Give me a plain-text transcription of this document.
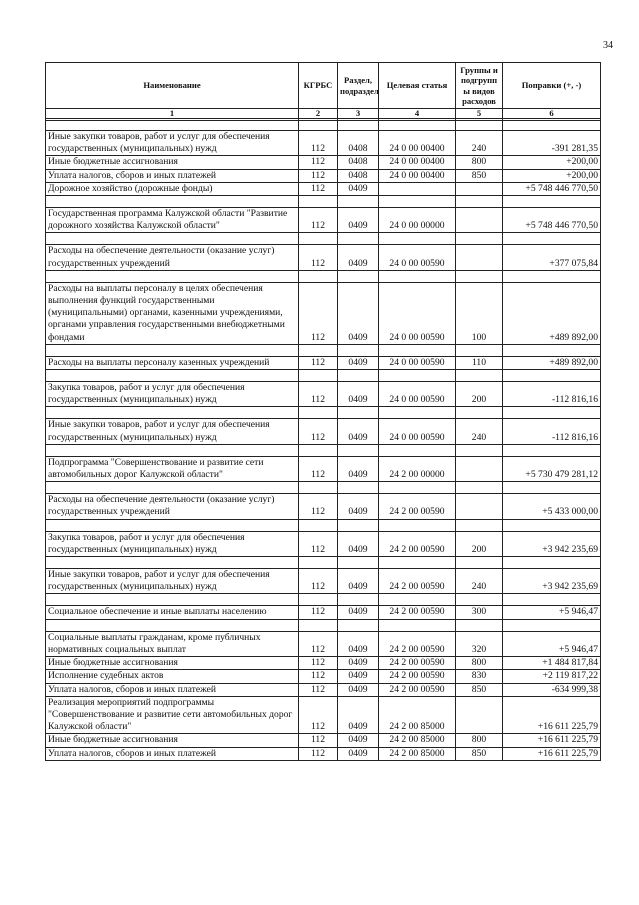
34
Наименование	КГРБС	Раздел, подраздел	Целевая статья	Группы и подгрупп ы видов расходов	Поправки (+, -)
1	2	3	4	5	6

Иные закупки товаров, работ и услуг для обеспечения государственных (муниципальных) нужд	112	0408	24 0 00 00400	240	-391 281,35
Иные бюджетные ассигнования	112	0408	24 0 00 00400	800	+200,00
Уплата налогов, сборов и иных платежей	112	0408	24 0 00 00400	850	+200,00
Дорожное хозяйство (дорожные фонды)	112	0409			+5 748 446 770,50

Государственная программа Калужской области "Развитие дорожного хозяйства Калужской области"	112	0409	24 0 00 00000		+5 748 446 770,50

Расходы на обеспечение деятельности (оказание услуг) государственных учреждений	112	0409	24 0 00 00590		+377 075,84

Расходы на выплаты персоналу в целях обеспечения выполнения функций государственными (муниципальными) органами, казенными учреждениями, органами управления государственными внебюджетными фондами	112	0409	24 0 00 00590	100	+489 892,00

Расходы на выплаты персоналу казенных учреждений	112	0409	24 0 00 00590	110	+489 892,00

Закупка товаров, работ и услуг для обеспечения государственных (муниципальных) нужд	112	0409	24 0 00 00590	200	-112 816,16

Иные закупки товаров, работ и услуг для обеспечения государственных (муниципальных) нужд	112	0409	24 0 00 00590	240	-112 816,16

Подпрограмма "Совершенствование и развитие сети автомобильных дорог Калужской области"	112	0409	24 2 00 00000		+5 730 479 281,12

Расходы на обеспечение деятельности (оказание услуг) государственных учреждений	112	0409	24 2 00 00590		+5 433 000,00

Закупка товаров, работ и услуг для обеспечения государственных (муниципальных) нужд	112	0409	24 2 00 00590	200	+3 942 235,69

Иные закупки товаров, работ и услуг для обеспечения государственных (муниципальных) нужд	112	0409	24 2 00 00590	240	+3 942 235,69

Социальное обеспечение и иные выплаты населению	112	0409	24 2 00 00590	300	+5 946,47

Социальные выплаты гражданам, кроме публичных нормативных социальных выплат	112	0409	24 2 00 00590	320	+5 946,47
Иные бюджетные ассигнования	112	0409	24 2 00 00590	800	+1 484 817,84
Исполнение судебных актов	112	0409	24 2 00 00590	830	+2 119 817,22
Уплата налогов, сборов и иных платежей	112	0409	24 2 00 00590	850	-634 999,38
Реализация мероприятий подпрограммы "Совершенствование и развитие сети автомобильных дорог Калужской области"	112	0409	24 2 00 85000		+16 611 225,79
Иные бюджетные ассигнования	112	0409	24 2 00 85000	800	+16 611 225,79
Уплата налогов, сборов и иных платежей	112	0409	24 2 00 85000	850	+16 611 225,79
